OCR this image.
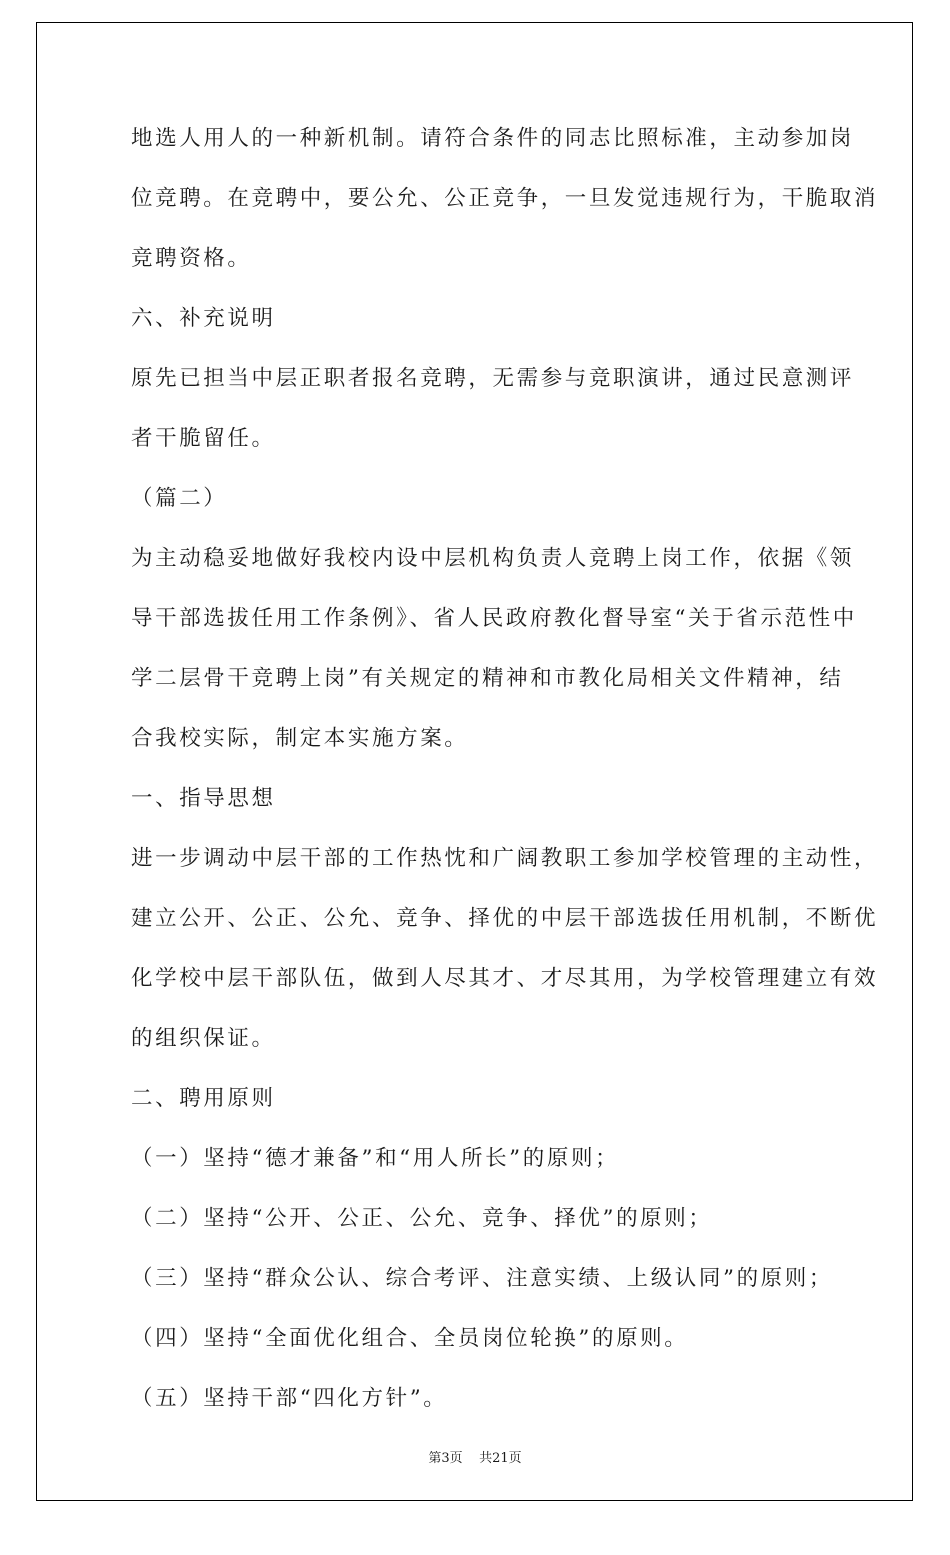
地选人用人的一种新机制。请符合条件的同志比照标准，主动参加岗
位竞聘。在竞聘中，要公允、公正竞争，一旦发觉违规行为，干脆取消
竞聘资格。
六、补充说明
原先已担当中层正职者报名竞聘，无需参与竞职演讲，通过民意测评
者干脆留任。
（篇二）
为主动稳妥地做好我校内设中层机构负责人竞聘上岗工作，依据《领
导干部选拔任用工作条例》、省人民政府教化督导室“关于省示范性中
学二层骨干竞聘上岗”有关规定的精神和市教化局相关文件精神，结
合我校实际，制定本实施方案。
一、指导思想
进一步调动中层干部的工作热忱和广阔教职工参加学校管理的主动性，
建立公开、公正、公允、竞争、择优的中层干部选拔任用机制，不断优
化学校中层干部队伍，做到人尽其才、才尽其用，为学校管理建立有效
的组织保证。
二、聘用原则
（一）坚持“德才兼备”和“用人所长”的原则；
（二）坚持“公开、公正、公允、竞争、择优”的原则；
（三）坚持“群众公认、综合考评、注意实绩、上级认同”的原则；
（四）坚持“全面优化组合、全员岗位轮换”的原则。
（五）坚持干部“四化方针”。
第3页    共21页
